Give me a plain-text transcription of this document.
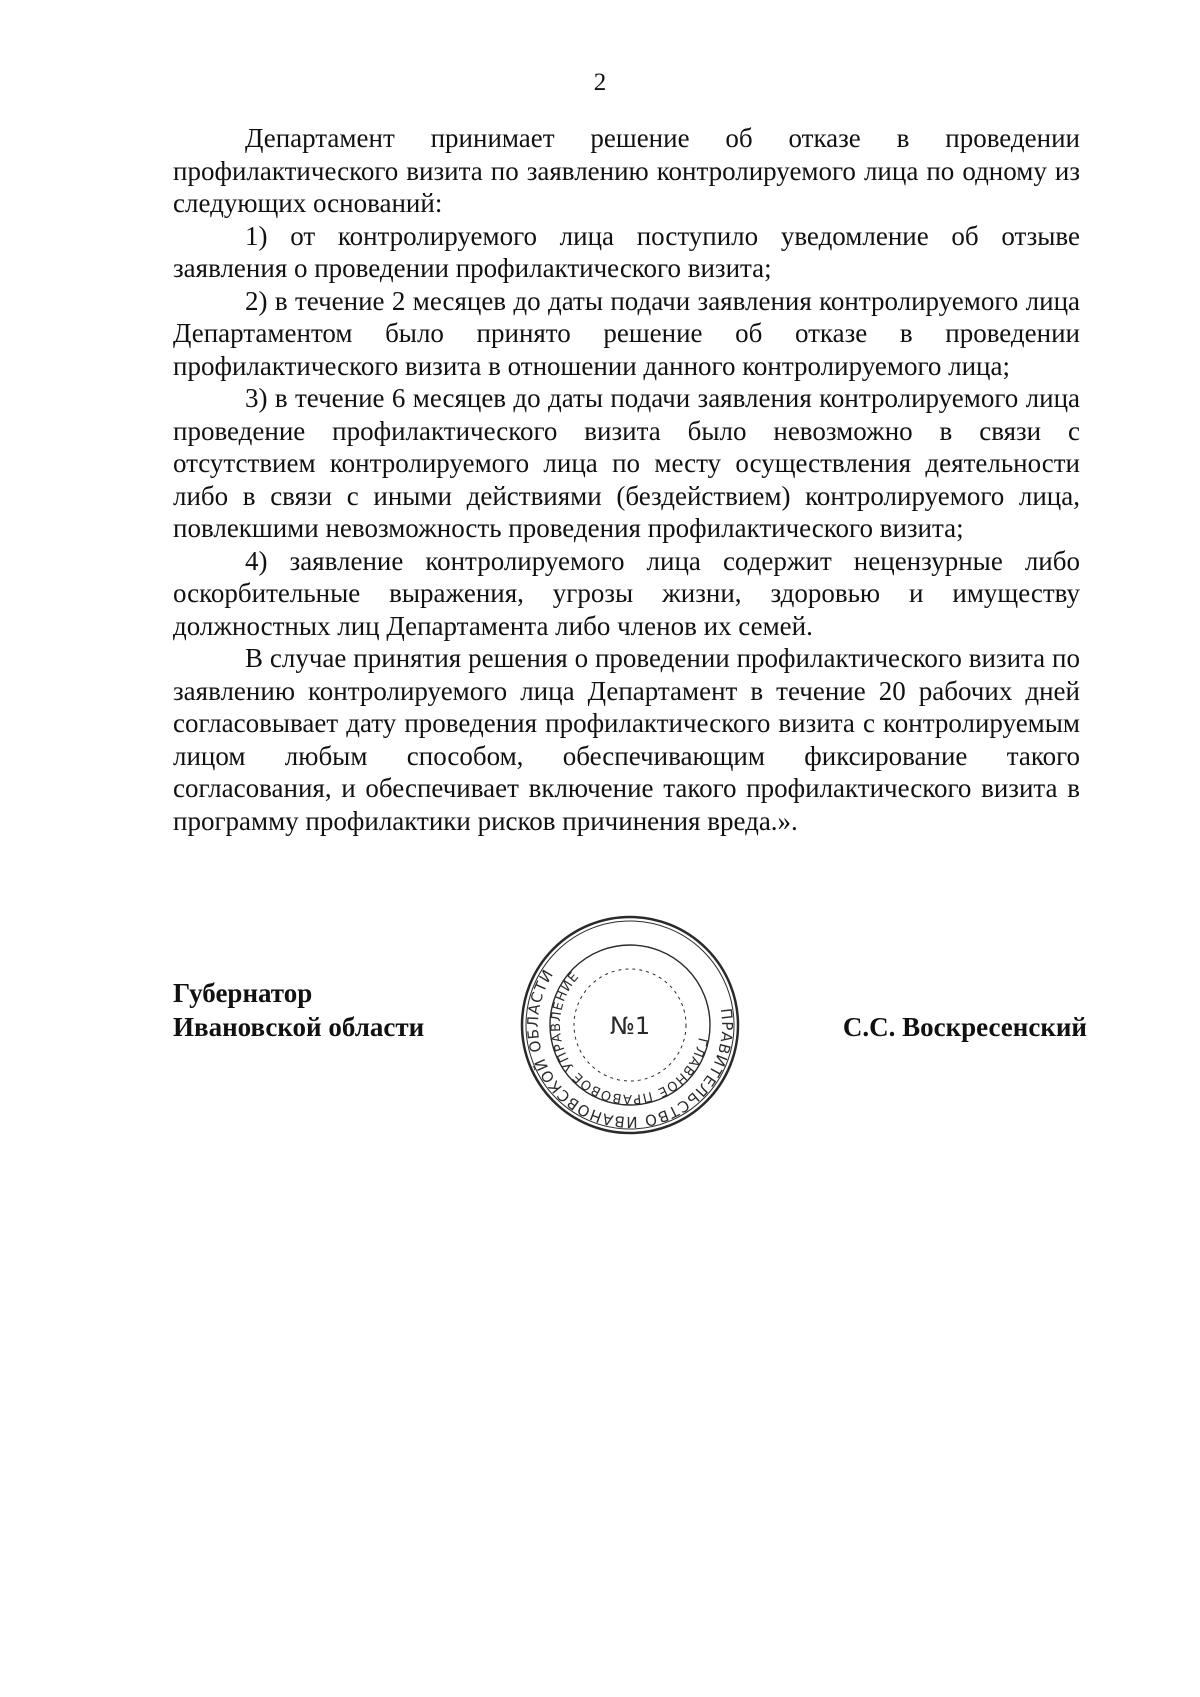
2

Департамент принимает решение об отказе в проведении профилактического визита по заявлению контролируемого лица по одному из следующих оснований:

1) от контролируемого лица поступило уведомление об отзыве заявления о проведении профилактического визита;

2) в течение 2 месяцев до даты подачи заявления контролируемого лица Департаментом было принято решение об отказе в проведении профилактического визита в отношении данного контролируемого лица;

3) в течение 6 месяцев до даты подачи заявления контролируемого лица проведение профилактического визита было невозможно в связи с отсутствием контролируемого лица по месту осуществления деятельности либо в связи с иными действиями (бездействием) контролируемого лица, повлекшими невозможность проведения профилактического визита;

4) заявление контролируемого лица содержит нецензурные либо оскорбительные выражения, угрозы жизни, здоровью и имуществу должностных лиц Департамента либо членов их семей.

В случае принятия решения о проведении профилактического визита по заявлению контролируемого лица Департамент в течение 20 рабочих дней согласовывает дату проведения профилактического визита с контролируемым лицом любым способом, обеспечивающим фиксирование такого согласования, и обеспечивает включение такого профилактического визита в программу профилактики рисков причинения вреда.».

Губернатор
Ивановской области	ПРАВИТЕЛЬСТВО ИВАНОВСКОЙ ОБЛАСТИ
ГЛАВНОЕ ПРАВОВОЕ УПРАВЛЕНИЕ
№1	С.С. Воскресенский
